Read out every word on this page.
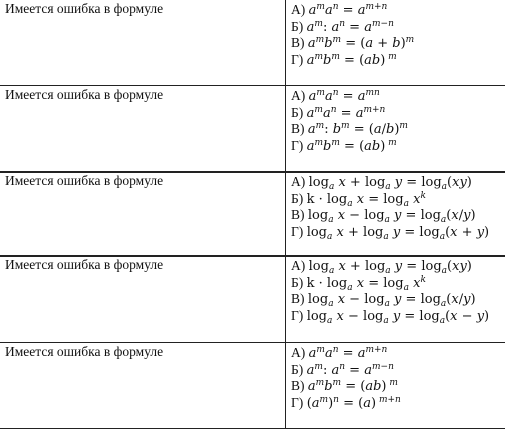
Имеется ошибка в формуле	А) $a^ma^n = a^{m+n}$
Б) $a^m$: $a^n = a^{m-n}$
В) $a^mb^m = (a + b)^m$
Г) $a^mb^m = (ab)$ $^m$
Имеется ошибка в формуле	А) $a^ma^n = a^{mn}$
Б) $a^ma^n = a^{m+n}$
В) $a^m$: $b^m = (a/b)^m$
Г) $a^mb^m = (ab)$ $^m$
Имеется ошибка в формуле	А) $\log_a x + \log_a y = \log_a(xy)$
Б) $k \cdot \log_a x = \log_a x^k$
В) $\log_a x - \log_a y = \log_a(x/y)$
Г) $\log_a x + \log_a y = \log_a(x + y)$
Имеется ошибка в формуле	А) $\log_a x + \log_a y = \log_a(xy)$
Б) $k \cdot \log_a x = \log_a x^k$
В) $\log_a x - \log_a y = \log_a(x/y)$
Г) $\log_a x - \log_a y = \log_a(x - y)$
Имеется ошибка в формуле	А) $a^ma^n = a^{m+n}$
Б) $a^m$: $a^n = a^{m-n}$
В) $a^mb^m = (ab)$ $^m$
Г) $(a^m)^n = (a)$ $^{m+n}$
